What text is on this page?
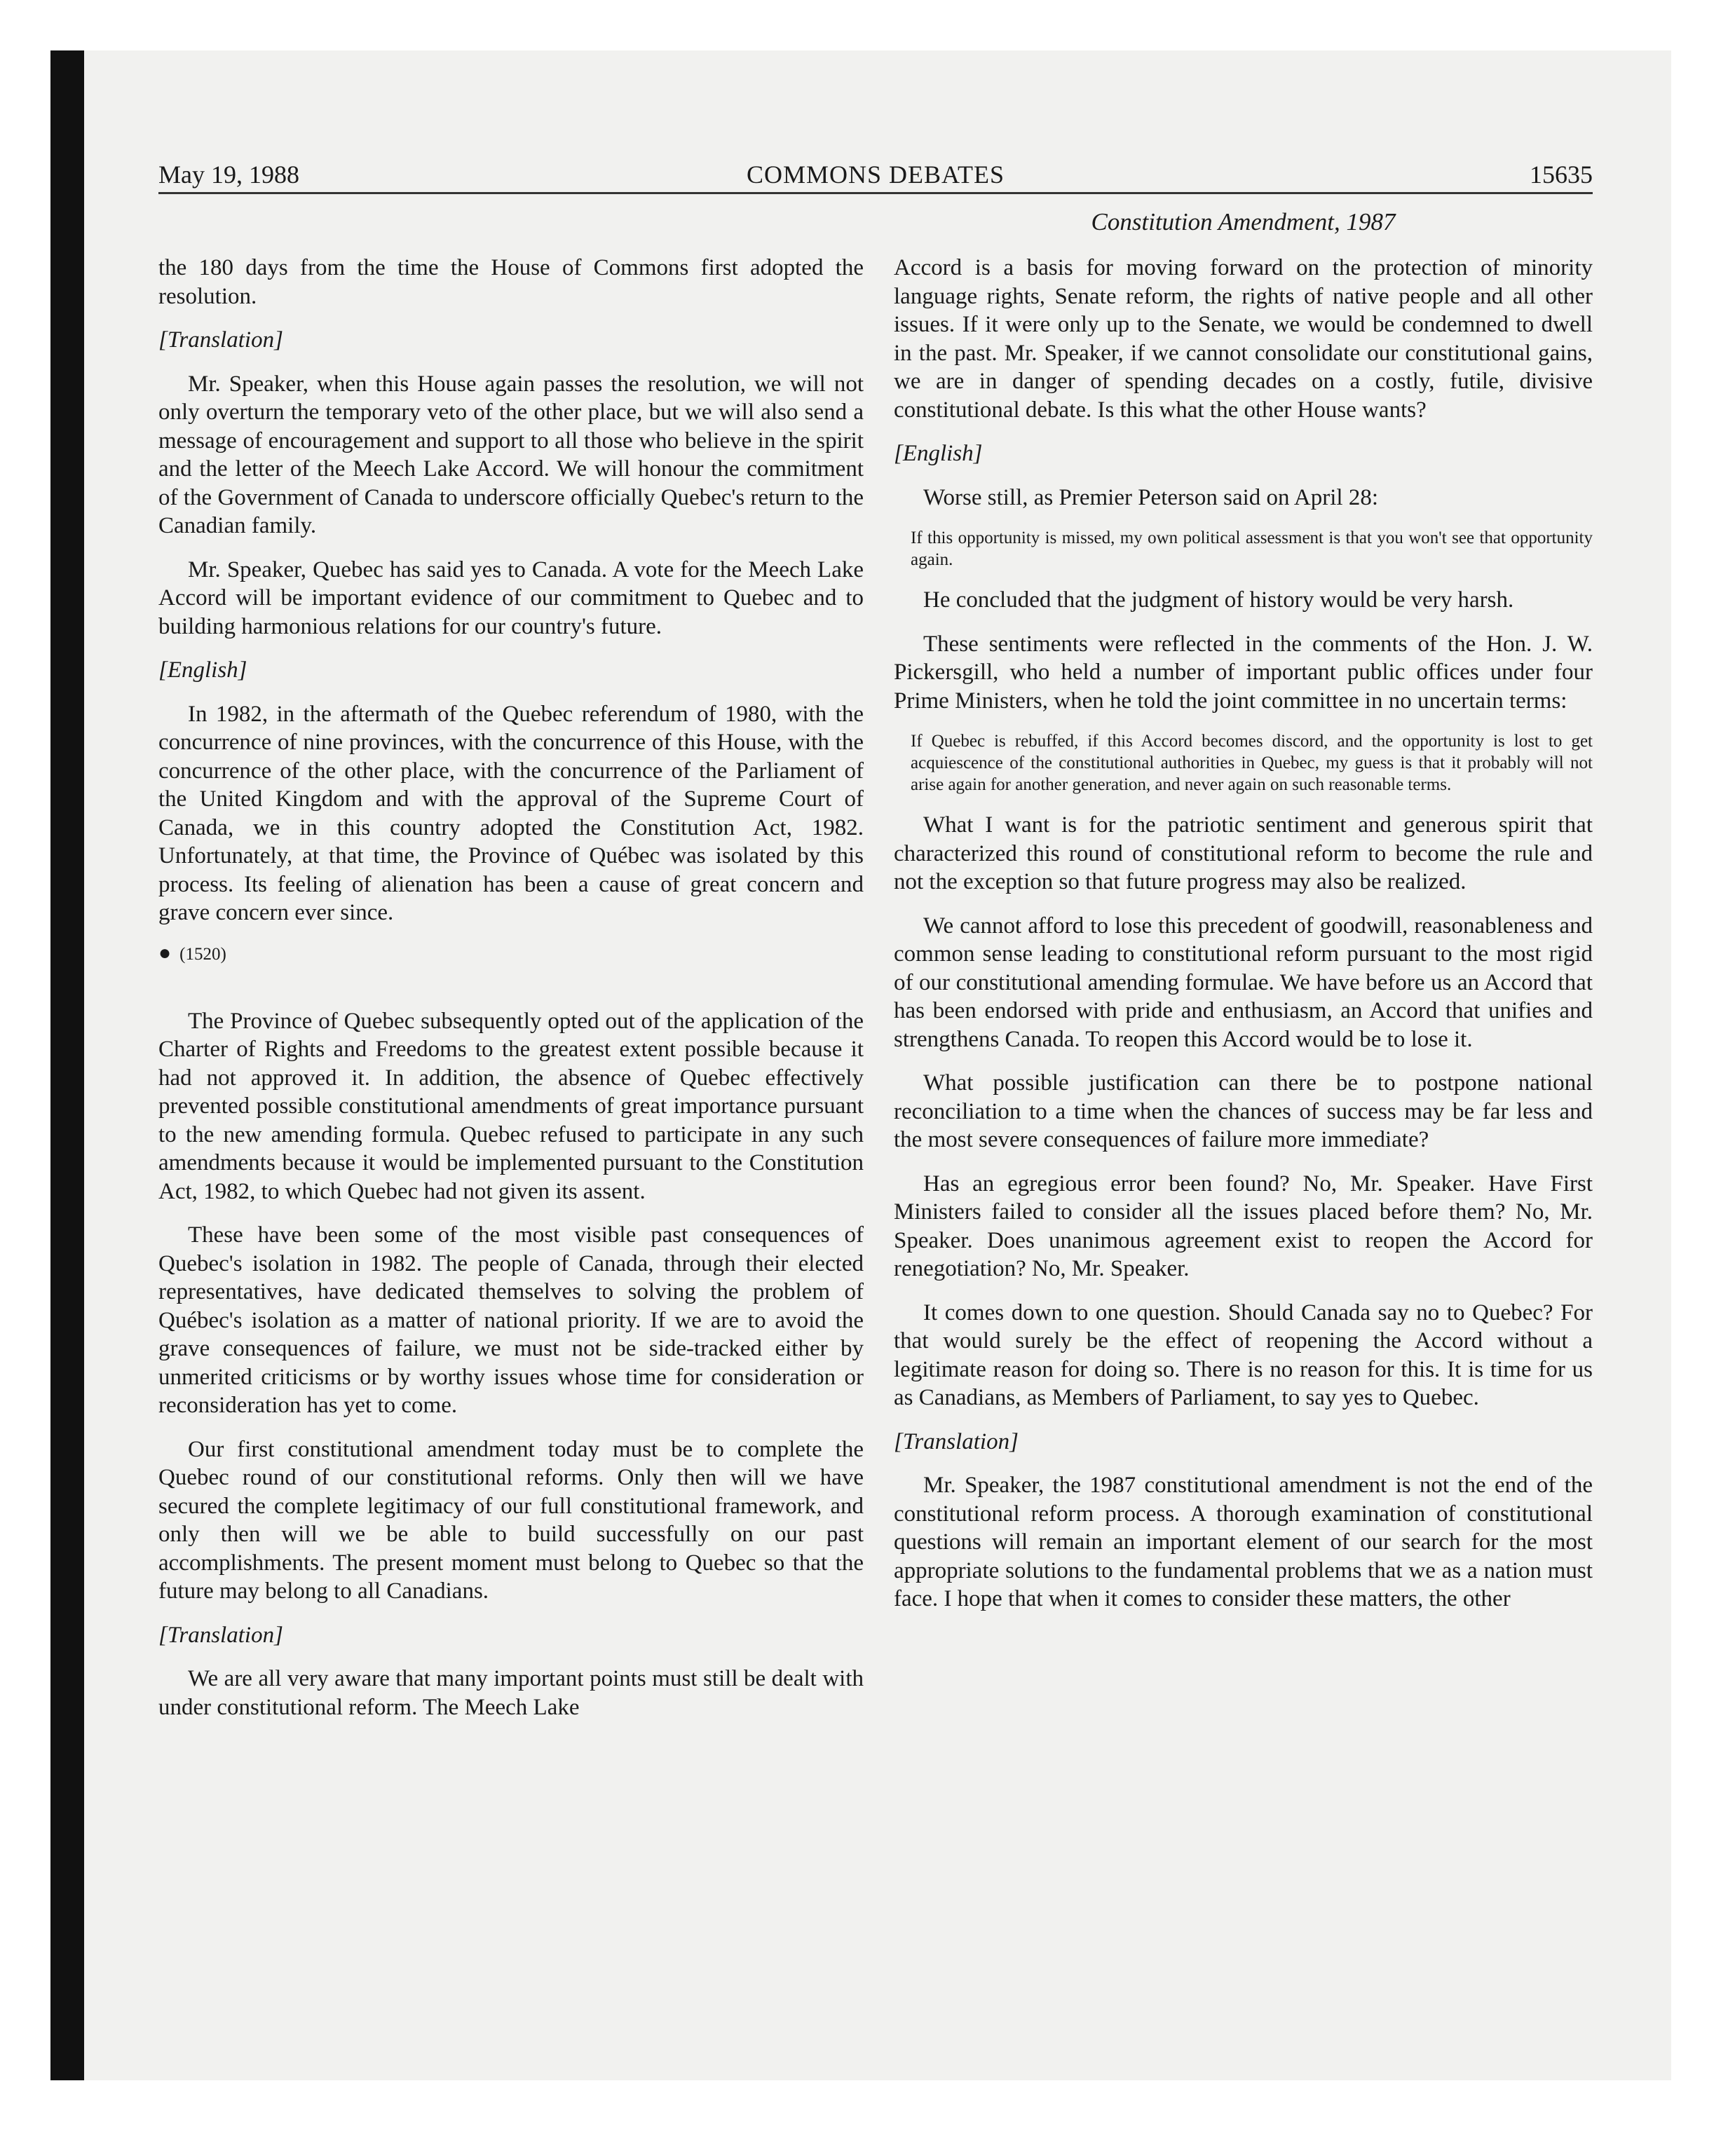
May 19, 1988	COMMONS DEBATES	15635
Constitution Amendment, 1987

the 180 days from the time the House of Commons first adopted the resolution.

[Translation]

Mr. Speaker, when this House again passes the resolution, we will not only overturn the temporary veto of the other place, but we will also send a message of encouragement and support to all those who believe in the spirit and the letter of the Meech Lake Accord. We will honour the commitment of the Government of Canada to underscore officially Quebec's return to the Canadian family.

Mr. Speaker, Quebec has said yes to Canada. A vote for the Meech Lake Accord will be important evidence of our commitment to Quebec and to building harmonious relations for our country's future.

[English]

In 1982, in the aftermath of the Quebec referendum of 1980, with the concurrence of nine provinces, with the concurrence of this House, with the concurrence of the other place, with the concurrence of the Parliament of the United Kingdom and with the approval of the Supreme Court of Canada, we in this country adopted the Constitution Act, 1982. Unfortunately, at that time, the Province of Québec was isolated by this process. Its feeling of alienation has been a cause of great concern and grave concern ever since.

● (1520)

The Province of Quebec subsequently opted out of the application of the Charter of Rights and Freedoms to the greatest extent possible because it had not approved it. In addition, the absence of Quebec effectively prevented possible constitutional amendments of great importance pursuant to the new amending formula. Quebec refused to participate in any such amendments because it would be implemented pursuant to the Constitution Act, 1982, to which Quebec had not given its assent.

These have been some of the most visible past consequences of Quebec's isolation in 1982. The people of Canada, through their elected representatives, have dedicated themselves to solving the problem of Québec's isolation as a matter of national priority. If we are to avoid the grave consequences of failure, we must not be side-tracked either by unmerited criticisms or by worthy issues whose time for consideration or reconsideration has yet to come.

Our first constitutional amendment today must be to complete the Quebec round of our constitutional reforms. Only then will we have secured the complete legitimacy of our full constitutional framework, and only then will we be able to build successfully on our past accomplishments. The present moment must belong to Quebec so that the future may belong to all Canadians.

[Translation]

We are all very aware that many important points must still be dealt with under constitutional reform. The Meech Lake

Accord is a basis for moving forward on the protection of minority language rights, Senate reform, the rights of native people and all other issues. If it were only up to the Senate, we would be condemned to dwell in the past. Mr. Speaker, if we cannot consolidate our constitutional gains, we are in danger of spending decades on a costly, futile, divisive constitutional debate. Is this what the other House wants?

[English]

Worse still, as Premier Peterson said on April 28:

If this opportunity is missed, my own political assessment is that you won't see that opportunity again.

He concluded that the judgment of history would be very harsh.

These sentiments were reflected in the comments of the Hon. J. W. Pickersgill, who held a number of important public offices under four Prime Ministers, when he told the joint committee in no uncertain terms:

If Quebec is rebuffed, if this Accord becomes discord, and the opportunity is lost to get acquiescence of the constitutional authorities in Quebec, my guess is that it probably will not arise again for another generation, and never again on such reasonable terms.

What I want is for the patriotic sentiment and generous spirit that characterized this round of constitutional reform to become the rule and not the exception so that future progress may also be realized.

We cannot afford to lose this precedent of goodwill, reasonableness and common sense leading to constitutional reform pursuant to the most rigid of our constitutional amending formulae. We have before us an Accord that has been endorsed with pride and enthusiasm, an Accord that unifies and strengthens Canada. To reopen this Accord would be to lose it.

What possible justification can there be to postpone national reconciliation to a time when the chances of success may be far less and the most severe consequences of failure more immediate?

Has an egregious error been found? No, Mr. Speaker. Have First Ministers failed to consider all the issues placed before them? No, Mr. Speaker. Does unanimous agreement exist to reopen the Accord for renegotiation? No, Mr. Speaker.

It comes down to one question. Should Canada say no to Quebec? For that would surely be the effect of reopening the Accord without a legitimate reason for doing so. There is no reason for this. It is time for us as Canadians, as Members of Parliament, to say yes to Quebec.

[Translation]

Mr. Speaker, the 1987 constitutional amendment is not the end of the constitutional reform process. A thorough examination of constitutional questions will remain an important element of our search for the most appropriate solutions to the fundamental problems that we as a nation must face. I hope that when it comes to consider these matters, the other
